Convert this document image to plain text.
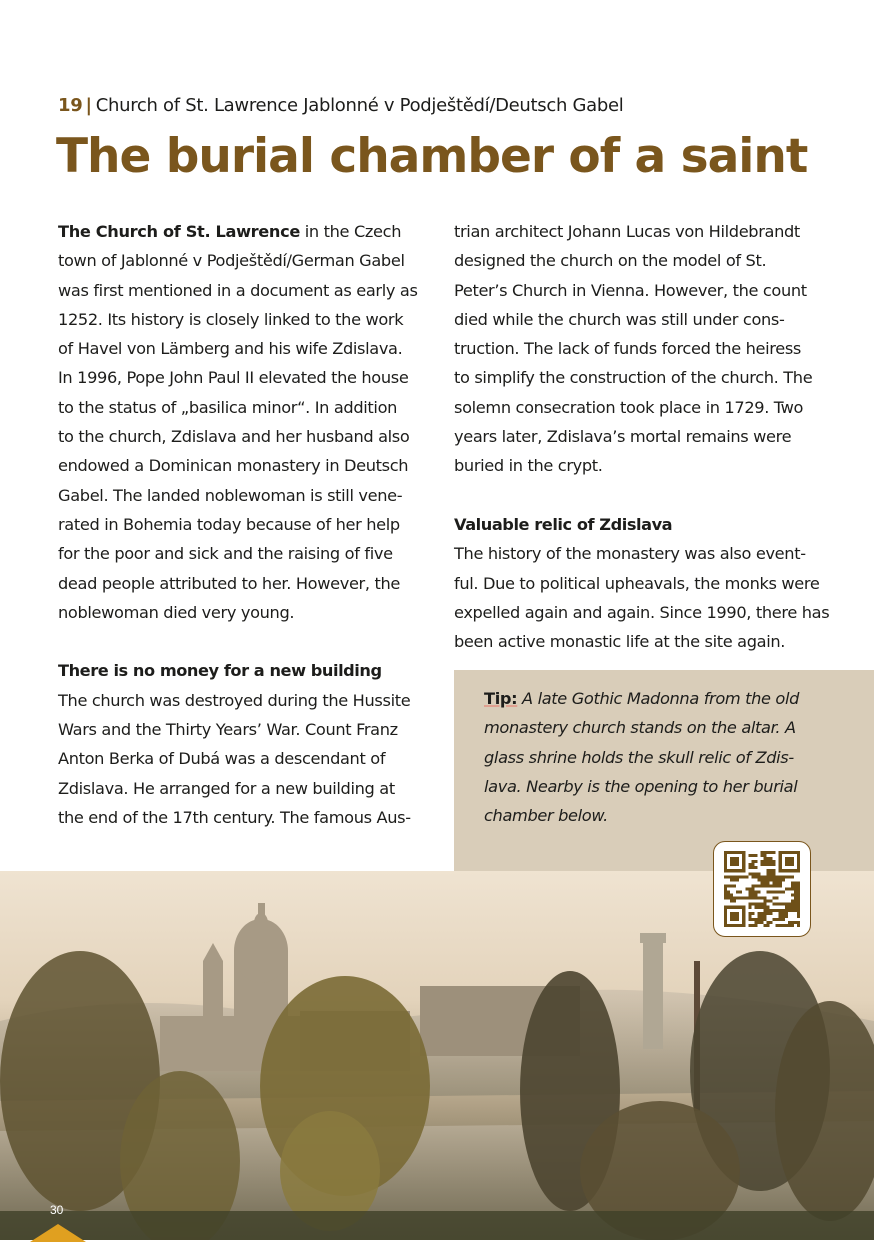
19 | Church of St. Lawrence Jablonné v Podještědí/Deutsch Gabel
The burial chamber of a saint

The Church of St. Lawrence in the Czech
town of Jablonné v Podještědí/German Gabel
was first mentioned in a document as early as
1252. Its history is closely linked to the work
of Havel von Lämberg and his wife Zdislava.
In 1996, Pope John Paul II elevated the house
to the status of „basilica minor“. In addition
to the church, Zdislava and her husband also
endowed a Dominican monastery in Deutsch
Gabel. The landed noblewoman is still vene-
rated in Bohemia today because of her help
for the poor and sick and the raising of five
dead people attributed to her. However, the
noblewoman died very young.

There is no money for a new building

The church was destroyed during the Hussite
Wars and the Thirty Years’ War. Count Franz
Anton Berka of Dubá was a descendant of
Zdislava. He arranged for a new building at
the end of the 17th century. The famous Aus-

trian architect Johann Lucas von Hildebrandt
designed the church on the model of St.
Peter’s Church in Vienna. However, the count
died while the church was still under cons-
truction. The lack of funds forced the heiress
to simplify the construction of the church. The
solemn consecration took place in 1729. Two
years later, Zdislava’s mortal remains were
buried in the crypt.

Valuable relic of Zdislava

The history of the monastery was also event-
ful. Due to political upheavals, the monks were
expelled again and again. Since 1990, there has
been active monastic life at the site again.

Tip: A late Gothic Madonna from the old
monastery church stands on the altar. A
glass shrine holds the skull relic of Zdis-
lava. Nearby is the opening to her burial
chamber below.
30
